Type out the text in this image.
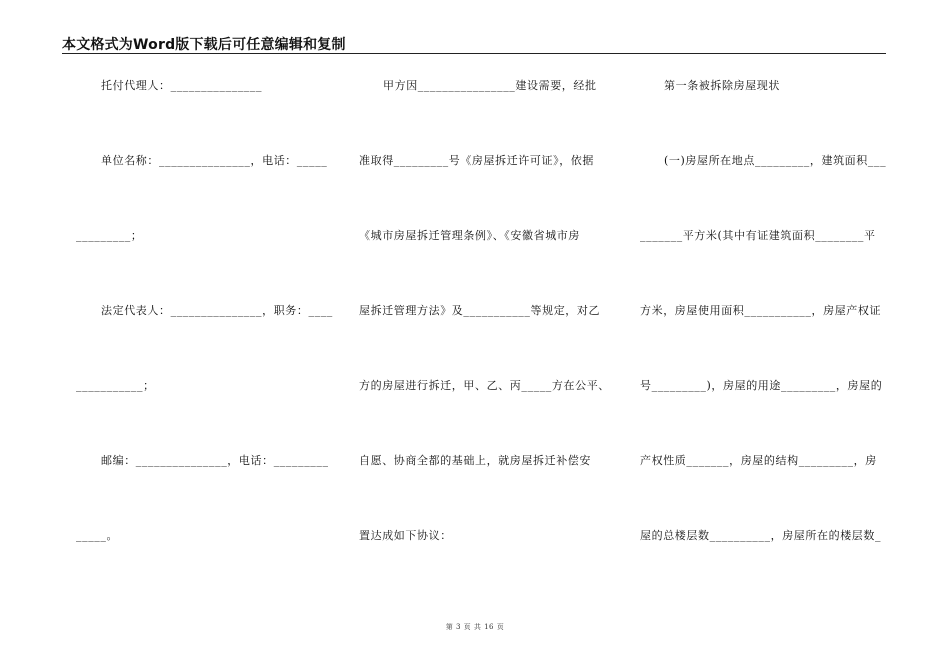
本文格式为Word版下载后可任意编辑和复制
托付代理人：_______________
单位名称：_______________，电话：_____
_________；
法定代表人：_______________，职务：____
___________；
邮编：_______________，电话：_________
_____。
甲方因________________建设需要，经批
准取得_________号《房屋拆迁许可证》，依据
《城市房屋拆迁管理条例》、《安徽省城市房
屋拆迁管理方法》及___________等规定，对乙
方的房屋进行拆迁，甲、乙、丙_____方在公平、
自愿、协商全都的基础上，就房屋拆迁补偿安
置达成如下协议：
第一条被拆除房屋现状
(一)房屋所在地点_________，建筑面积___
_______平方米(其中有证建筑面积________平
方米，房屋使用面积___________，房屋产权证
号_________)，房屋的用途_________，房屋的
产权性质_______，房屋的结构_________，房
屋的总楼层数__________，房屋所在的楼层数_
第 3 页 共 16 页
